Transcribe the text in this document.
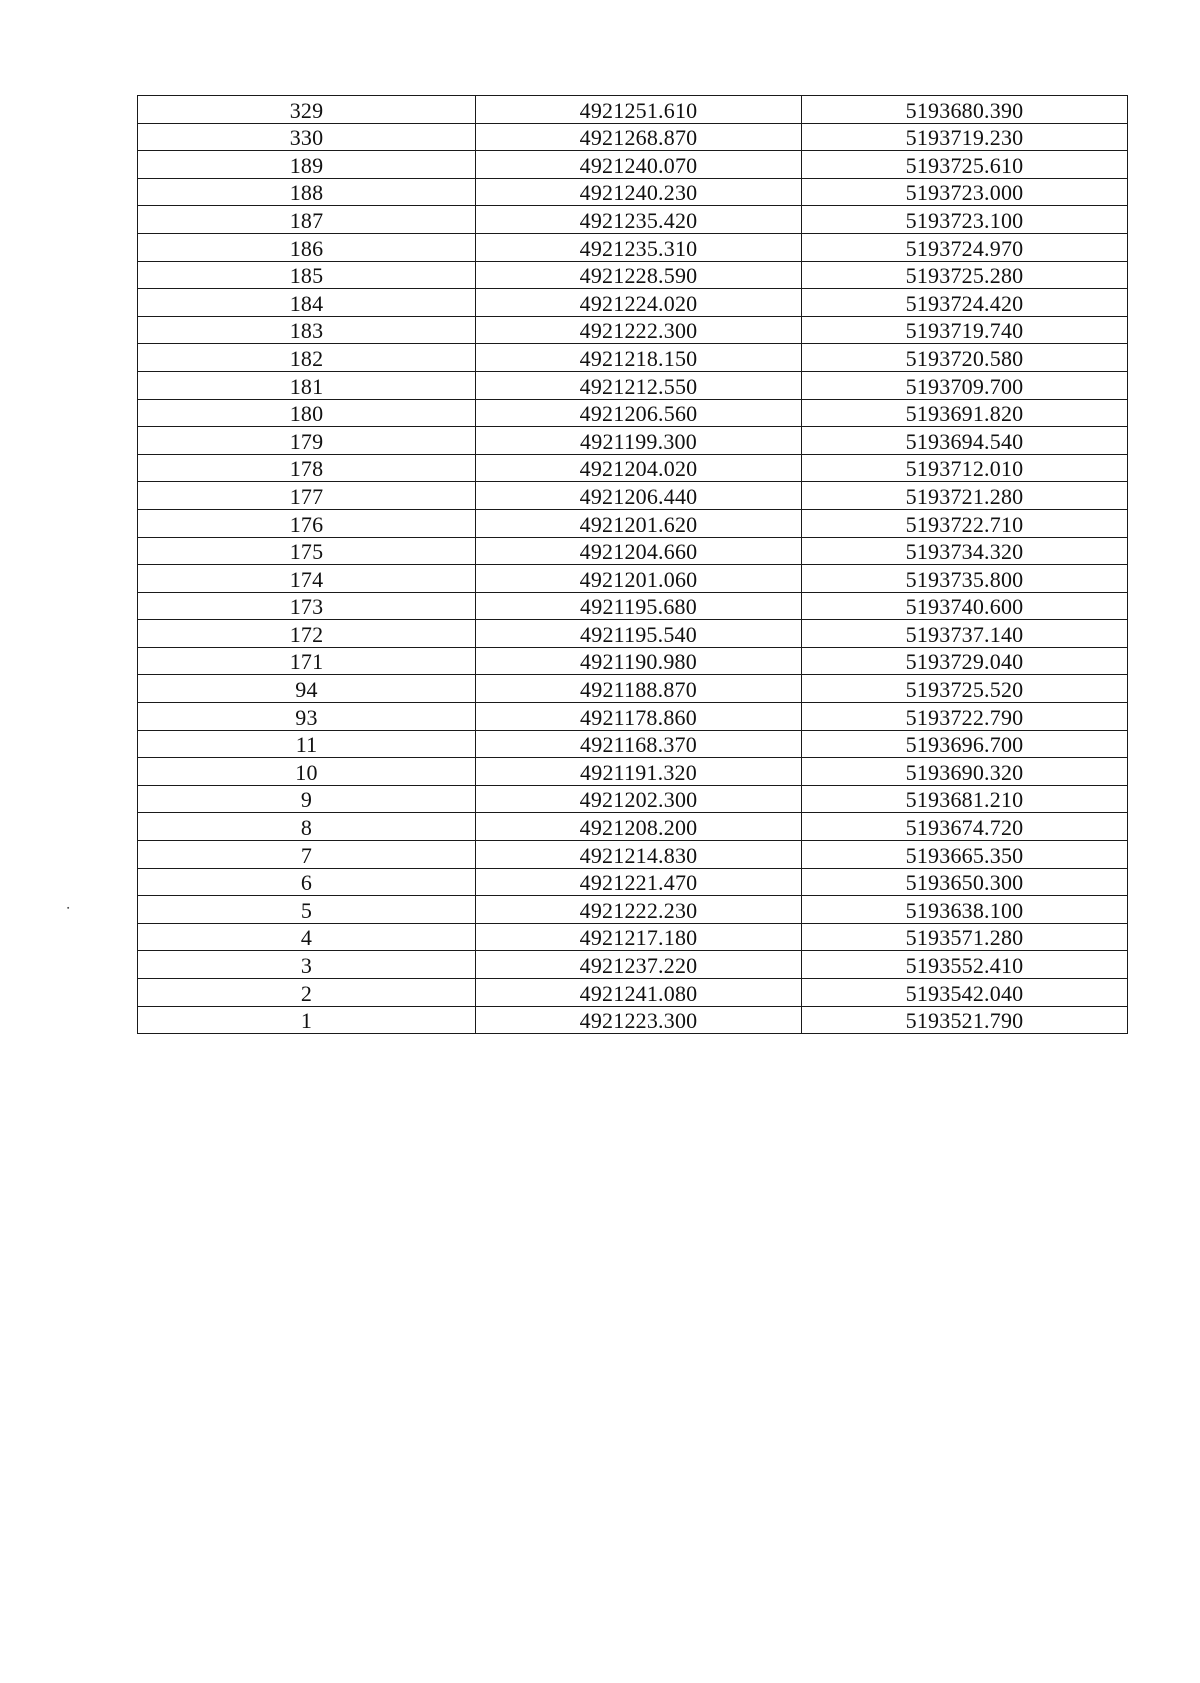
·
329	4921251.610	5193680.390
330	4921268.870	5193719.230
189	4921240.070	5193725.610
188	4921240.230	5193723.000
187	4921235.420	5193723.100
186	4921235.310	5193724.970
185	4921228.590	5193725.280
184	4921224.020	5193724.420
183	4921222.300	5193719.740
182	4921218.150	5193720.580
181	4921212.550	5193709.700
180	4921206.560	5193691.820
179	4921199.300	5193694.540
178	4921204.020	5193712.010
177	4921206.440	5193721.280
176	4921201.620	5193722.710
175	4921204.660	5193734.320
174	4921201.060	5193735.800
173	4921195.680	5193740.600
172	4921195.540	5193737.140
171	4921190.980	5193729.040
94	4921188.870	5193725.520
93	4921178.860	5193722.790
11	4921168.370	5193696.700
10	4921191.320	5193690.320
9	4921202.300	5193681.210
8	4921208.200	5193674.720
7	4921214.830	5193665.350
6	4921221.470	5193650.300
5	4921222.230	5193638.100
4	4921217.180	5193571.280
3	4921237.220	5193552.410
2	4921241.080	5193542.040
1	4921223.300	5193521.790
